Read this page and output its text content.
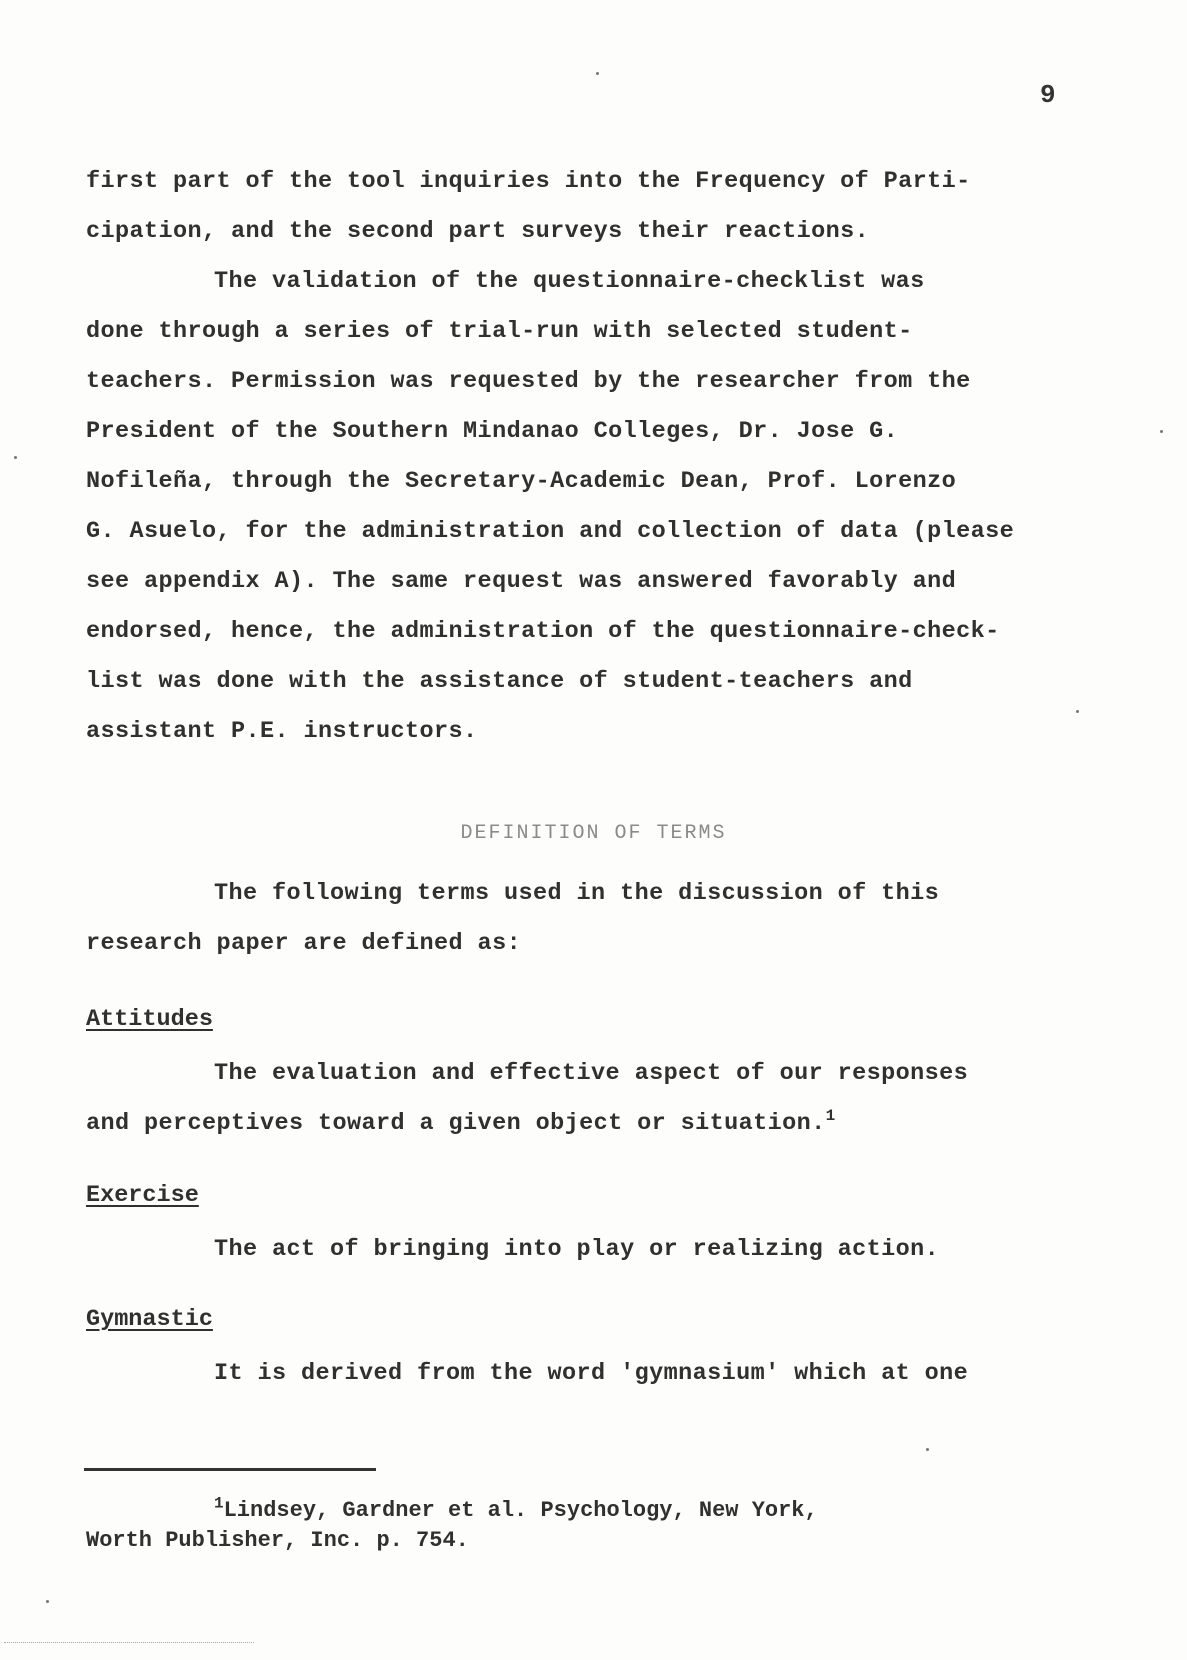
9
first part of the tool inquiries into the Frequency of Parti-
cipation, and the second part surveys their reactions.
The validation of the questionnaire-checklist was
done through a series of trial-run with selected student-
teachers. Permission was requested by the researcher from the
President of the Southern Mindanao Colleges, Dr. Jose G.
Nofileña, through the Secretary-Academic Dean, Prof. Lorenzo
G. Asuelo, for the administration and collection of data (please
see appendix A). The same request was answered favorably and
endorsed, hence, the administration of the questionnaire-check-
list was done with the assistance of student-teachers and
assistant P.E. instructors.
DEFINITION OF TERMS
The following terms used in the discussion of this
research paper are defined as:
Attitudes
The evaluation and effective aspect of our responses
and perceptives toward a given object or situation.$^1$
Exercise
The act of bringing into play or realizing action.
Gymnastic
It is derived from the word 'gymnasium' which at one
$^1$Lindsey, Gardner et al. Psychology, New York,
Worth Publisher, Inc. p. 754.
